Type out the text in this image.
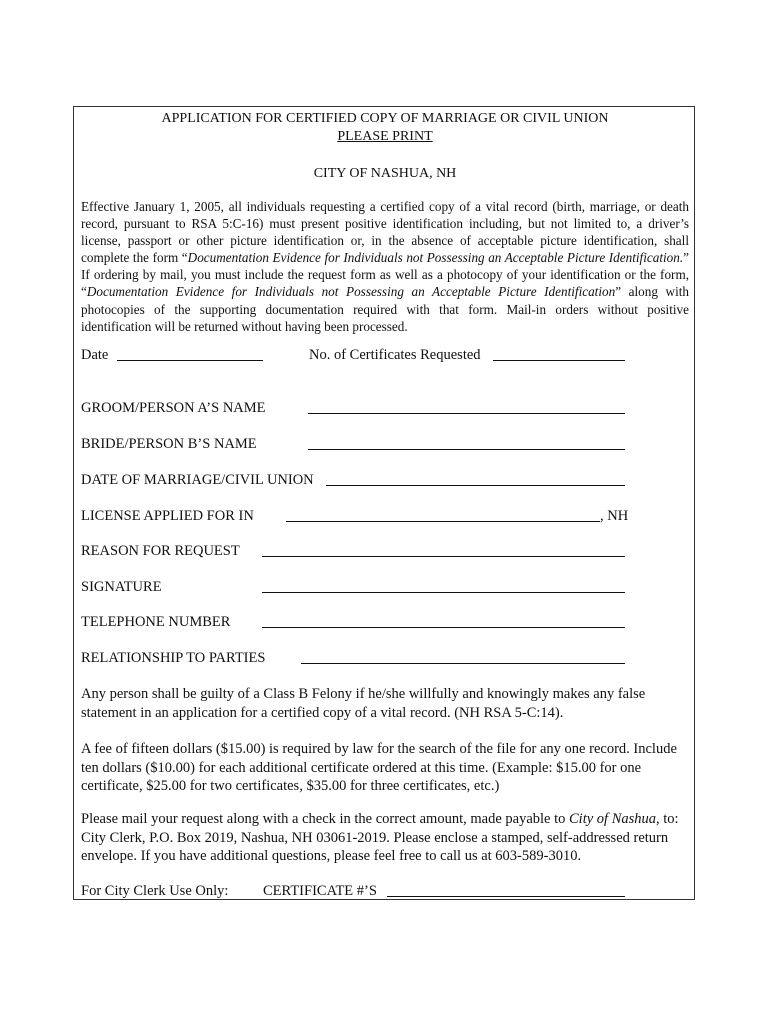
APPLICATION FOR CERTIFIED COPY OF MARRIAGE OR CIVIL UNION
PLEASE PRINT
CITY OF NASHUA, NH
Effective January 1, 2005, all individuals requesting a certified copy of a vital record (birth, marriage, or death record, pursuant to RSA 5:C-16) must present positive identification including, but not limited to, a driver’s license, passport or other picture identification or, in the absence of acceptable picture identification, shall complete the form “Documentation Evidence for Individuals not Possessing an Acceptable Picture Identification.” If ordering by mail, you must include the request form as well as a photocopy of your identification or the form, “Documentation Evidence for Individuals not Possessing an Acceptable Picture Identification” along with photocopies of the supporting documentation required with that form. Mail-in orders without positive identification will be returned without having been processed.
Date	No. of Certificates Requested
GROOM/PERSON A’S NAME
BRIDE/PERSON B’S NAME
DATE OF MARRIAGE/CIVIL UNION
LICENSE APPLIED FOR IN	, NH
REASON FOR REQUEST
SIGNATURE
TELEPHONE NUMBER
RELATIONSHIP TO PARTIES
Any person shall be guilty of a Class B Felony if he/she willfully and knowingly makes any false statement in an application for a certified copy of a vital record. (NH RSA 5-C:14).
A fee of fifteen dollars ($15.00) is required by law for the search of the file for any one record. Include ten dollars ($10.00) for each additional certificate ordered at this time. (Example: $15.00 for one certificate, $25.00 for two certificates, $35.00 for three certificates, etc.)
Please mail your request along with a check in the correct amount, made payable to City of Nashua, to: City Clerk, P.O. Box 2019, Nashua, NH 03061-2019. Please enclose a stamped, self-addressed return envelope. If you have additional questions, please feel free to call us at 603-589-3010.
For City Clerk Use Only: CERTIFICATE #’S
